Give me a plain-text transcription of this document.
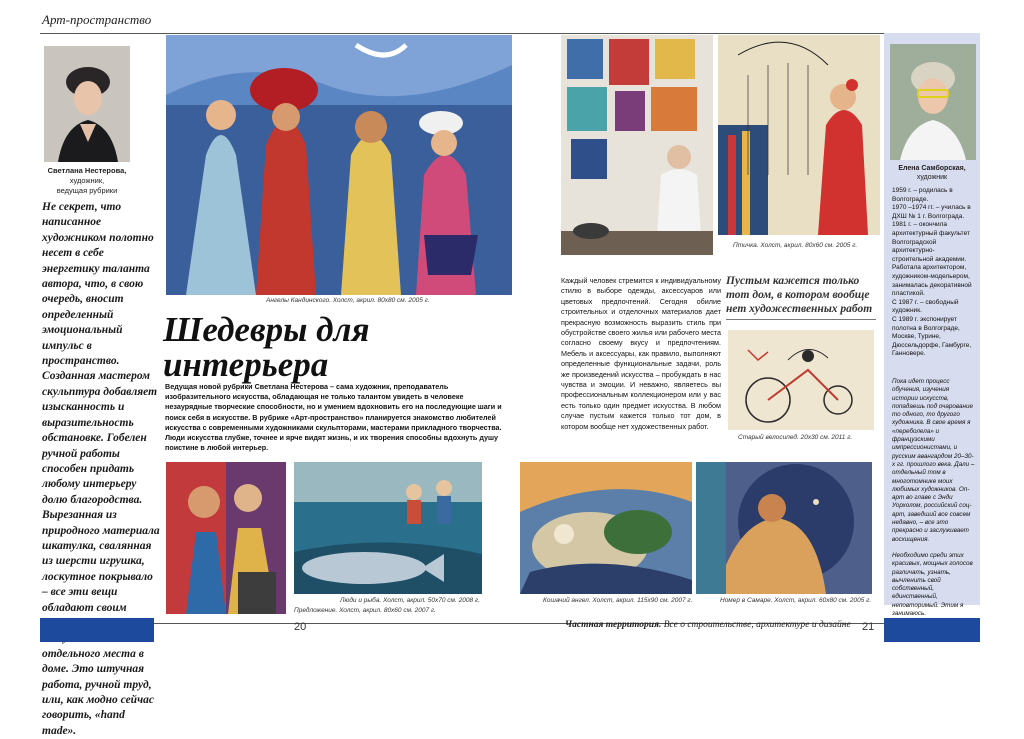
Арт-пространство
Светлана Нестерова,
художник,
ведущая рубрики
Не секрет, что написанное художником полотно несет в себе энергетику таланта автора, что, в свою очередь, вносит определенный эмоциональный импульс в пространство. Созданная мастером скульптура добавляет изысканность и выразительность обстановке. Гобелен ручной работы способен придать любому интерьеру долю благородства. Вырезанная из природного материала шкатулка, свалянная из шерсти игрушка, лоскутное покрывало – все эти вещи обладают своим отдельного места в доме. Это штучная работа, ручной труд, или, как модно сейчас говорить, «hand made».
Ангелы Кандинского. Холст, акрил. 80х80 см. 2005 г.
Шедевры для
интерьера
Ведущая новой рубрики Светлана Нестерова – сама художник, преподаватель изобразительного искусства, обладающая не только талантом увидеть в человеке незаурядные творческие способности, но и умением вдохновить его на последующие шаги и поиск себя в искусстве. В рубрике «Арт-пространство» планируется знакомство любителей искусства с современными художниками скульпторами, мастерами прикладного творчества. Люди искусства глубже, точнее и ярче видят жизнь, и их творения способны вдохнуть душу поистине в любой интерьер.
Люди и рыба. Холст, акрил. 50х70 см. 2008 г.
Предложение. Холст, акрил. 80х60 см. 2007 г.
Кошачий ангел. Холст, акрил. 115х90 см. 2007 г.	Номер в Самаре. Холст, акрил. 60х80 см. 2005 г.
Птичка. Холст, акрил. 80х60 см. 2005 г.
Каждый человек стремится к индивидуальному стилю в выборе одежды, аксессуаров или цветовых предпочтений. Сегодня обилие строительных и отделочных материалов дает прекрасную возможность выразить стиль при обустройстве своего жилья или рабочего места согласно своему вкусу и предпочтениям. Мебель и аксессуары, как правило, выполняют определенные функциональные задачи, роль же произведений искусства – пробуждать в нас чувства и эмоции. И неважно, являетесь вы профессиональным коллекционером или у вас есть только один предмет искусства. В любом случае пустым кажется только тот дом, в котором вообще нет художественных работ.
Пустым кажется только тот дом, в котором вообще нет художественных работ
Старый велосипед. 20х30 см. 2011 г.
Елена Самборская,
художник
1959 г. – родилась в Волгограде.
1970 –1974 гг. – училась в ДХШ № 1 г. Волгограда.
1981 г. – окончила архитектурный факультет Волгоградской архитектурно-строительной академии.
Работала архитектором, художником-модельером, занималась декоративной пластикой.
С 1987 г. – свободный художник.
С 1989 г. экспонирует полотна в Волгограде, Москве, Турине, Дюссельдорфе, Гамбурге, Ганновере.

Пока идет процесс обучения, изучения истории искусств, попадаешь под очарование то одного, то другого художника. В свое время я «переболела» и французскими импрессионистами, и русским авангардом 20–30-х гг. прошлого века. Дали – отдельный том в многотомнике моих любимых художников. Оп-арт во главе с Энди Уорхолом, российский соц-арт, заведший все совсем недавно, – все это прекрасно и заслуживает восхищения.

Необходимо среди этих красивых, мощных голосов различать, узнать, вычленить свой собственный, единственный, неповторимый. Этим я занимаюсь.

20	Частная территория. Все о строительстве, архитектуре и дизайне	21
